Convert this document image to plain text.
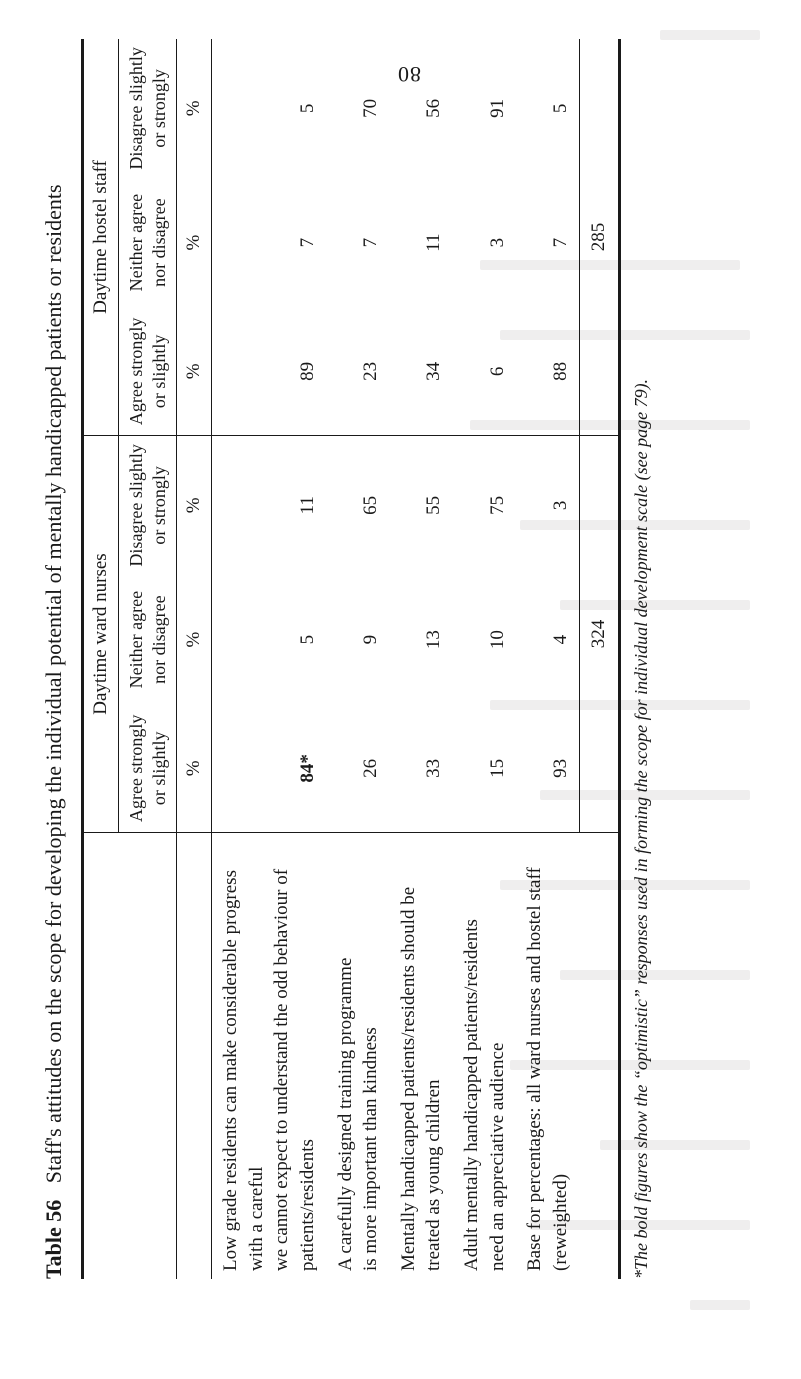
80
Table 56   Staff's attitudes on the scope for developing the individual potential of mentally handicapped patients or residents
	Daytime ward nurses			Daytime hostel staff		
	Agree strongly or slightly	Neither agree nor disagree	Disagree slightly or strongly	Agree strongly or slightly	Neither agree nor disagree	Disagree slightly or strongly
	%	%	%	%	%	%

Low grade residents can make considerable progress with a careful we cannot expect to understand the odd behaviour of patients/residents	84*	5	11	89	7	5

A carefully designed training programme is more important than kindness	26	9	65	23	7	70
Mentally handicapped patients/residents should be treated as young children	33	13	55	34	11	56

Adult mentally handicapped patients/residents need an appreciative audience	15	10	75	6	3	91

Base for percentages: all ward nurses and hostel staff (reweighted)	93	4	3	88	7	5
	324			285		
*The bold figures show the “optimistic” responses used in forming the scope for individual development scale (see page 79).
